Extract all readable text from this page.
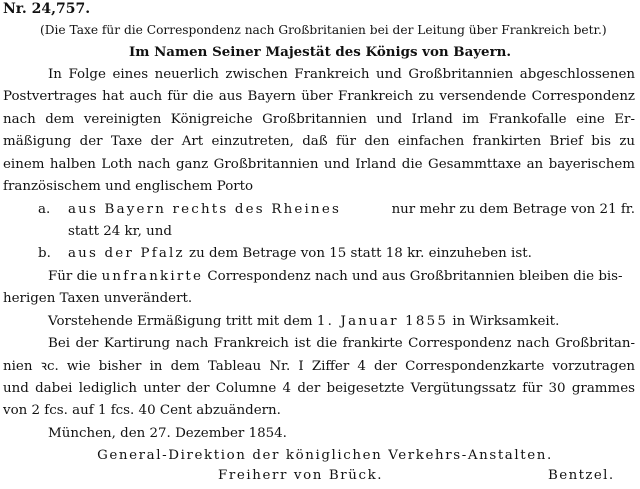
Nr. 24,757.
(Die Taxe für die Correspondenz nach Großbritanien bei der Leitung über Frankreich betr.)
Im Namen Seiner Majestät des Königs von Bayern.
In Folge eines neuerlich zwischen Frankreich und Großbritannien abgeschlossenen
Postvertrages hat auch für die aus Bayern über Frankreich zu versendende Correspondenz
nach dem vereinigten Königreiche Großbritannien und Irland im Frankofalle eine Er-
mäßigung der Taxe der Art einzutreten, daß für den einfachen frankirten Brief bis zu
einem halben Loth nach ganz Großbritannien und Irland die Gesammttaxe an bayerischem
französischem und englischem Porto
a. aus Bayern rechts des Rheines	nur mehr zu dem Betrage von 21 fr.
statt 24 kr, und
b. aus der Pfalz zu dem Betrage von 15 statt 18 kr. einzuheben ist.
Für die unfrankirte Correspondenz nach und aus Großbritannien bleiben die bis-
herigen Taxen unverändert.
Vorstehende Ermäßigung tritt mit dem 1. Januar 1855 in Wirksamkeit.
Bei der Kartirung nach Frankreich ist die frankirte Correspondenz nach Großbritan-
nien ꝛc. wie bisher in dem Tableau Nr. I Ziffer 4 der Correspondenzkarte vorzutragen
und dabei lediglich unter der Columne 4 der beigesetzte Vergütungssatz für 30 grammes
von 2 fcs. auf 1 fcs. 40 Cent abzuändern.
München, den 27. Dezember 1854.
General-Direktion der königlichen Verkehrs-Anstalten.
Freiherr von Brück.	Bentzel.
